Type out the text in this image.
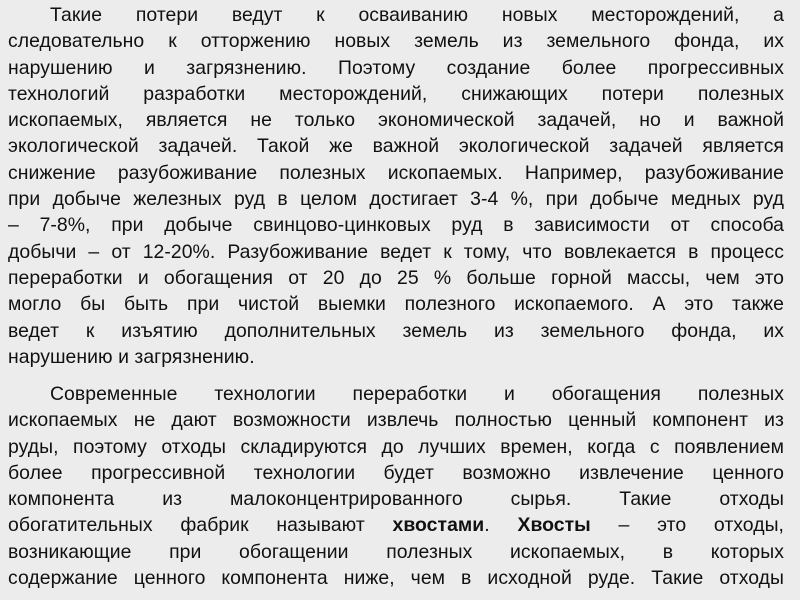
Такие потери ведут к осваиванию новых месторождений, а
следовательно к отторжению новых земель из земельного фонда, их
нарушению и загрязнению. Поэтому создание более прогрессивных
технологий разработки месторождений, снижающих потери полезных
ископаемых, является не только экономической задачей, но и важной
экологической задачей. Такой же важной экологической задачей является
снижение разубоживание полезных ископаемых. Например, разубоживание
при добыче железных руд в целом достигает 3-4 %, при добыче медных руд
– 7-8%, при добыче свинцово-цинковых руд в зависимости от способа
добычи – от 12-20%. Разубоживание ведет к тому, что вовлекается в процесс
переработки и обогащения от 20 до 25 % больше горной массы, чем это
могло бы быть при чистой выемки полезного ископаемого. А это также
ведет к изъятию дополнительных земель из земельного фонда, их
нарушению и загрязнению.
Современные технологии переработки и обогащения полезных
ископаемых не дают возможности извлечь полностью ценный компонент из
руды, поэтому отходы складируются до лучших времен, когда с появлением
более прогрессивной технологии будет возможно извлечение ценного
компонента из малоконцентрированного сырья. Такие отходы
обогатительных фабрик называют хвостами. Хвосты – это отходы,
возникающие при обогащении полезных ископаемых, в которых
содержание ценного компонента ниже, чем в исходной руде. Такие отходы
